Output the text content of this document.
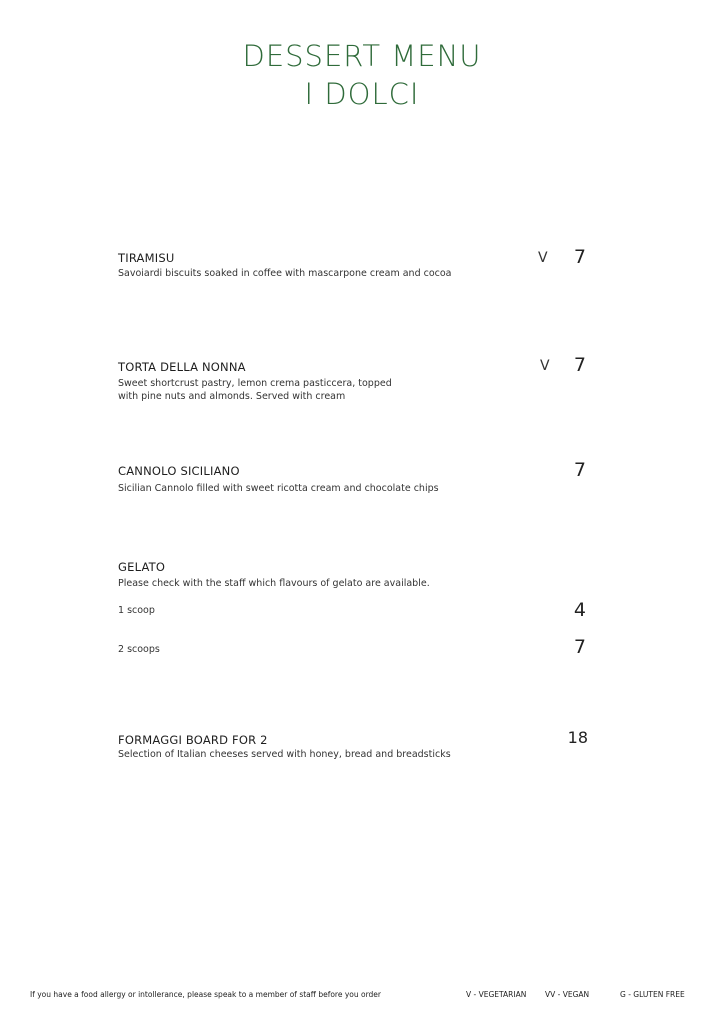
DESSERT MENU
I DOLCI
TIRAMISU
Savoiardi biscuits soaked in coffee with mascarpone cream and cocoa
V	7
TORTA DELLA NONNA
Sweet shortcrust pastry, lemon crema pasticcera, topped
with pine nuts and almonds. Served with cream
V	7
CANNOLO SICILIANO
Sicilian Cannolo filled with sweet ricotta cream and chocolate chips
7
GELATO
Please check with the staff which flavours of gelato are available.
1 scoop	4
2 scoops	7
FORMAGGI BOARD FOR 2
Selection of Italian cheeses served with honey, bread and breadsticks
18
If you have a food allergy or intollerance, please speak to a member of staff before you order	V - VEGETARIAN VV - VEGAN	G - GLUTEN FREE
